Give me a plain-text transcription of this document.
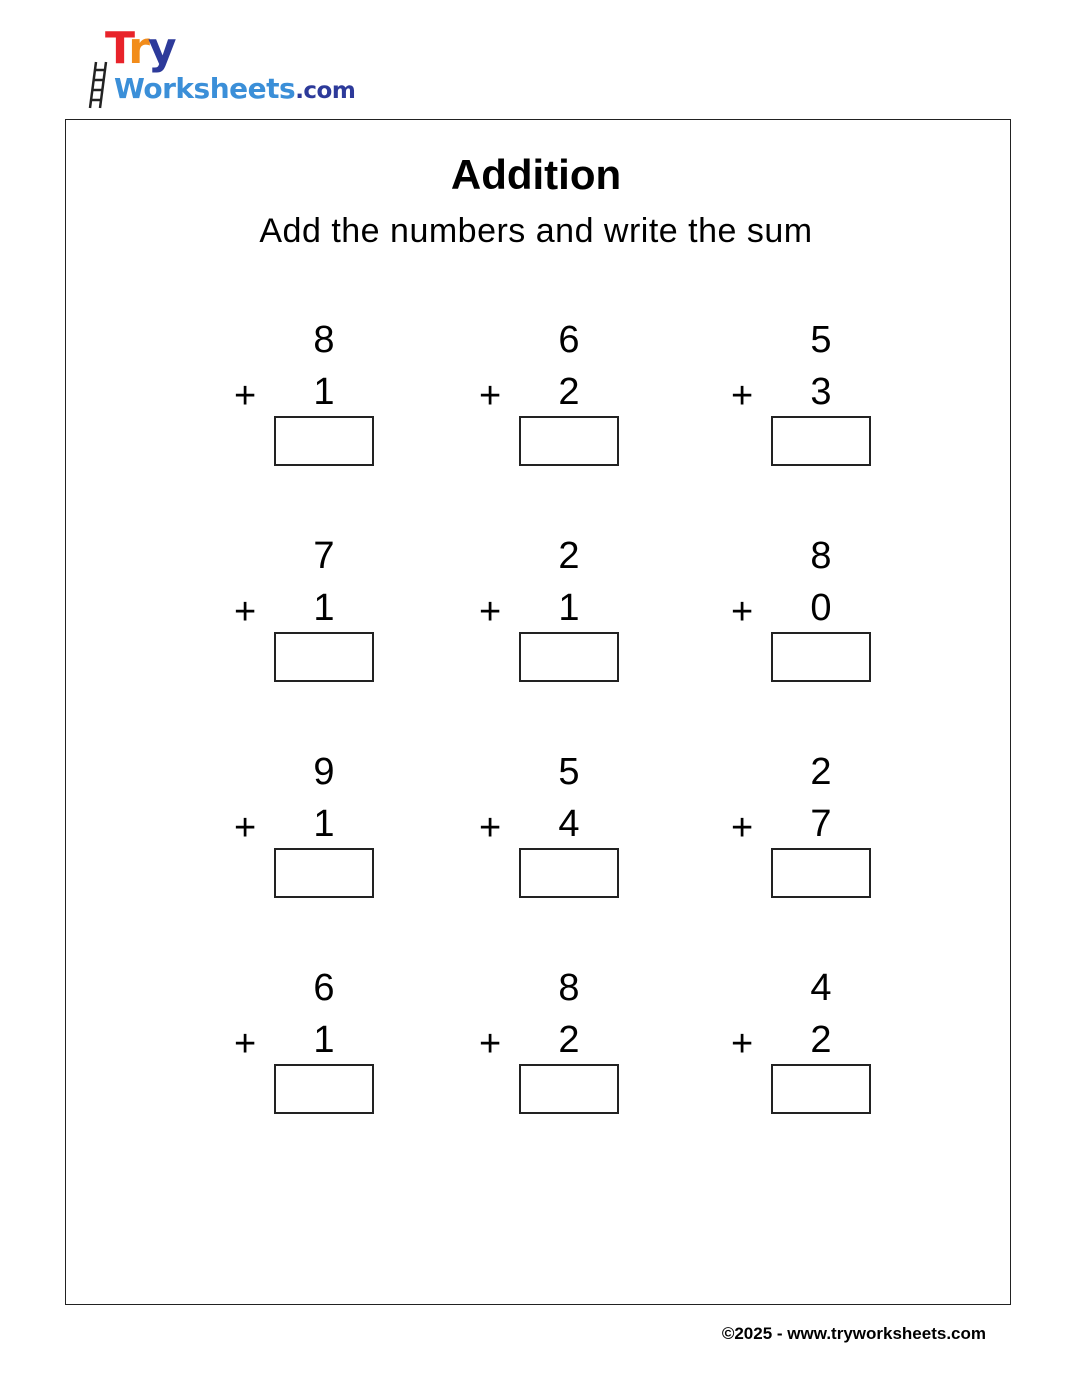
Try
Worksheets.com
Addition
Add the numbers and write the sum
8
+	1
6
+	2
5
+	3
7
+	1
2
+	1
8
+	0
9
+	1
5
+	4
2
+	7
6
+	1
8
+	2
4
+	2
©2025 - www.tryworksheets.com
